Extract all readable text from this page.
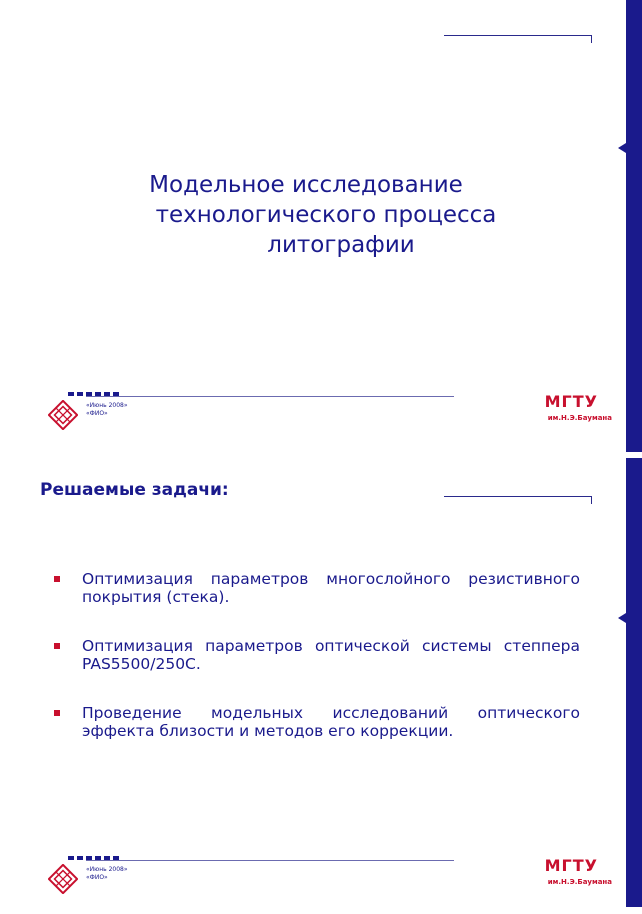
Модельное исследование
технологического процесса
литографии
«Июнь 2008»
«ФИО»
МГТУ
им.Н.Э.Баумана
Решаемые задачи:
Оптимизация параметров многослойного резистивного покрытия (стека).
Оптимизация параметров оптической системы степпера PAS5500/250C.
Проведение модельных исследований оптического эффекта близости и методов его коррекции.
«Июнь 2008»
«ФИО»
МГТУ
им.Н.Э.Баумана
